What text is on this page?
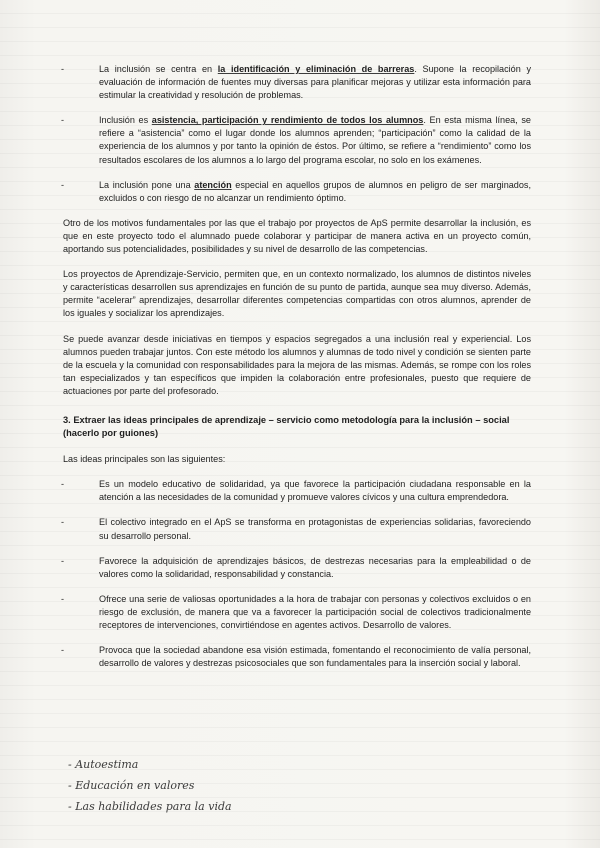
-	La inclusión se centra en la identificación y eliminación de barreras. Supone la recopilación y evaluación de información de fuentes muy diversas para planificar mejoras y utilizar esta información para estimular la creatividad y resolución de problemas.
-	Inclusión es asistencia, participación y rendimiento de todos los alumnos. En esta misma línea, se refiere a “asistencia” como el lugar donde los alumnos aprenden; “participación” como la calidad de la experiencia de los alumnos y por tanto la opinión de éstos. Por último, se refiere a “rendimiento” como los resultados escolares de los alumnos a lo largo del programa escolar, no solo en los exámenes.
-	La inclusión pone una atención especial en aquellos grupos de alumnos en peligro de ser marginados, excluidos o con riesgo de no alcanzar un rendimiento óptimo.
Otro de los motivos fundamentales por las que el trabajo por proyectos de ApS permite desarrollar la inclusión, es que en este proyecto todo el alumnado puede colaborar y participar de manera activa en un proyecto común, aportando sus potencialidades, posibilidades y su nivel de desarrollo de las competencias.
Los proyectos de Aprendizaje-Servicio, permiten que, en un contexto normalizado, los alumnos de distintos niveles y características desarrollen sus aprendizajes en función de su punto de partida, aunque sea muy diverso. Además, permite “acelerar” aprendizajes, desarrollar diferentes competencias compartidas con otros alumnos, aprender de los iguales y socializar los aprendizajes.
Se puede avanzar desde iniciativas en tiempos y espacios segregados a una inclusión real y experiencial. Los alumnos pueden trabajar juntos. Con este método los alumnos y alumnas de todo nivel y condición se sienten parte de la escuela y la comunidad con responsabilidades para la mejora de las mismas. Además, se rompe con los roles tan especializados y tan específicos que impiden la colaboración entre profesionales, puesto que requiere de actuaciones por parte del profesorado.
3. Extraer las ideas principales de aprendizaje – servicio como metodología para la inclusión – social (hacerlo por guiones)
Las ideas principales son las siguientes:
-	Es un modelo educativo de solidaridad, ya que favorece la participación ciudadana responsable en la atención a las necesidades de la comunidad y promueve valores cívicos y una cultura emprendedora.
-	El colectivo integrado en el ApS se transforma en protagonistas de experiencias solidarias, favoreciendo su desarrollo personal.
-	Favorece la adquisición de aprendizajes básicos, de destrezas necesarias para la empleabilidad o de valores como la solidaridad, responsabilidad y constancia.
-	Ofrece una serie de valiosas oportunidades a la hora de trabajar con personas y colectivos excluidos o en riesgo de exclusión, de manera que va a favorecer la participación social de colectivos tradicionalmente receptores de intervenciones, convirtiéndose en agentes activos. Desarrollo de valores.
-	Provoca que la sociedad abandone esa visión estimada, fomentando el reconocimiento de valía personal, desarrollo de valores y destrezas psicosociales que son fundamentales para la inserción social y laboral.
- Autoestima
- Educación en valores
- Las habilidades para la vida
